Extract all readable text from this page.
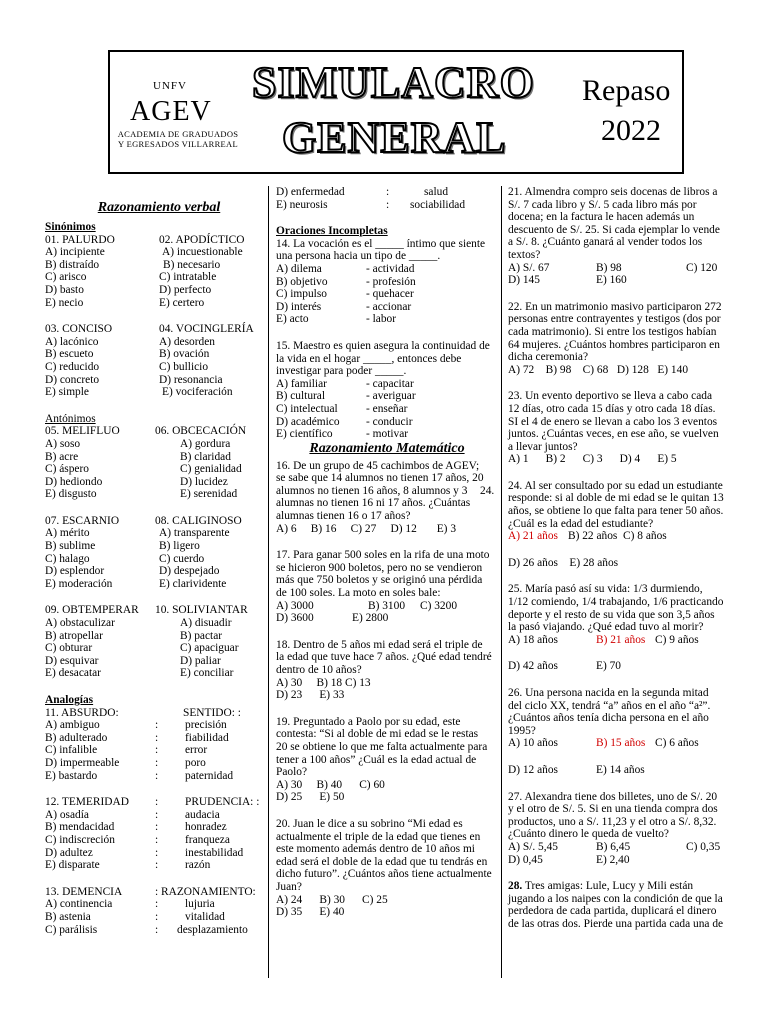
UNFV
AGEV
ACADEMIA DE GRADUADOS
Y EGRESADOS VILLARREAL
SIMULACRO
GENERAL
Repaso
2022
Razonamiento verbal
Sinónimos
01. PALURDO	02. APODÍCTICO
A) incipiente	A) incuestionable
B) distraído	B) necesario
C) arisco	C) intratable
D) basto	D) perfecto
E) necio	E) certero
03. CONCISO	04. VOCINGLERÍA
A) lacónico	A) desorden
B) escueto	B) ovación
C) reducido	C) bullicio
D) concreto	D) resonancia
E) simple	E) vociferación
Antónimos
05. MELIFLUO	06. OBCECACIÓN
A) soso	A) gordura
B) acre	B) claridad
C) áspero	C) genialidad
D) hediondo	D) lucidez
E) disgusto	E) serenidad
07. ESCARNIO	08. CALIGINOSO
A) mérito	A) transparente
B) sublime	B) ligero
C) halago	C) cuerdo
D) esplendor	D) despejado
E) moderación	E) clarividente
09. OBTEMPERAR 10. SOLIVIANTAR
A) obstaculizar	A) disuadir
B) atropellar	B) pactar
C) obturar	C) apaciguar
D) esquivar	D) paliar
E) desacatar	E) conciliar
Analogías
11. ABSURDO:	SENTIDO: :
A) ambiguo	: precisión
B) adulterado	: fiabilidad
C) infalible	: error
D) impermeable	: poro
E) bastardo	: paternidad
12. TEMERIDAD : PRUDENCIA: :
A) osadía	: audacia
B) mendacidad	: honradez
C) indiscreción	: franqueza
D) adultez	: inestabilidad
E) disparate	: razón
13. DEMENCIA	: RAZONAMIENTO:
A) continencia	: lujuria
B) astenia	: vitalidad
C) parálisis	: desplazamiento
D) enfermedad	:	salud
E) neurosis	: sociabilidad
Oraciones Incompletas
14. La vocación es el _____ íntimo que siente
una persona hacia un tipo de _____.
A) dilema	- actividad
B) objetivo	- profesión
C) impulso	- quehacer
D) interés	- accionar
E) acto	- labor
15. Maestro es quien asegura la continuidad de
la vida en el hogar _____, entonces debe
investigar para poder _____.
A) familiar	- capacitar
B) cultural	- averiguar
C) intelectual - enseñar
D) académico - conducir
E) científico	- motivar
Razonamiento Matemático
16. De un grupo de 45 cachimbos de AGEV;
se sabe que 14 alumnos no tienen 17 años, 20
alumnos no tienen 16 años, 8 alumnos y 3 24.
alumnas no tienen 16 ni 17 años. ¿Cuántas
alumnas tienen 16 o 17 años?
A) 6     B) 16     C) 27     D) 12       E) 3
17. Para ganar 500 soles en la rifa de una moto
se hicieron 900 boletos, pero no se vendieron
más que 750 boletos y se originó una pérdida
de 100 soles. La moto en soles bale:
A) 3000	B) 3100 C) 3200
D) 3600	E) 2800
18. Dentro de 5 años mi edad será el triple de
la edad que tuve hace 7 años. ¿Qué edad tendré
dentro de 10 años?
A) 30     B) 18 C) 13
D) 23      E) 33
19. Preguntado a Paolo por su edad, este
contesta: “Si al doble de mi edad se le restas
20 se obtiene lo que me falta actualmente para
tener a 100 años” ¿Cuál es la edad actual de
Paolo?
A) 30     B) 40      C) 60
D) 25      E) 50
20. Juan le dice a su sobrino “Mi edad es
actualmente el triple de la edad que tienes en
este momento además dentro de 10 años mi
edad será el doble de la edad que tu tendrás en
dicho futuro”. ¿Cuántos años tiene actualmente
Juan?
A) 24      B) 30      C) 25
D) 35      E) 40
21. Almendra compro seis docenas de libros a
S/. 7 cada libro y S/. 5 cada libro más por
docena; en la factura le hacen además un
descuento de S/. 25. Si cada ejemplar lo vende
a S/. 8. ¿Cuánto ganará al vender todos los
textos?
A) S/. 67	B) 98	C) 120
D) 145	E) 160
22. En un matrimonio masivo participaron 272
personas entre contrayentes y testigos (dos por
cada matrimonio). Si entre los testigos habían
64 mujeres. ¿Cuántos hombres participaron en
dicha ceremonia?
A) 72    B) 98    C) 68   D) 128   E) 140
23. Un evento deportivo se lleva a cabo cada
12 días, otro cada 15 días y otro cada 18 días.
SI el 4 de enero se llevan a cabo los 3 eventos
juntos. ¿Cuántas veces, en ese año, se vuelven
a llevar juntos?
A) 1      B) 2      C) 3      D) 4      E) 5
24. Al ser consultado por su edad un estudiante
responde: si al doble de mi edad se le quitan 13
años, se obtiene lo que falta para tener 50 años.
¿Cuál es la edad del estudiante?
A) 21 años B) 22 años  C) 8 años
D) 26 años    E) 28 años
25. María pasó así su vida: 1/3 durmiendo,
1/12 comiendo, 1/4 trabajando, 1/6 practicando
deporte y el resto de su vida que son 3,5 años
la pasó viajando. ¿Qué edad tuvo al morir?
A) 18 años	B) 21 años C) 9 años
D) 42 años	E) 70
26. Una persona nacida en la segunda mitad
del ciclo XX, tendrá “a” años en el año “a²”.
¿Cuántos años tenía dicha persona en el año
1995?
A) 10 años	B) 15 años C) 6 años
D) 12 años	E) 14 años
27. Alexandra tiene dos billetes, uno de S/. 20
y el otro de S/. 5. Si en una tienda compra dos
productos, uno a S/. 11,23 y el otro a S/. 8,32.
¿Cuánto dinero le queda de vuelto?
A) S/. 5,45	B) 6,45	C) 0,35
D) 0,45	E) 2,40
28. Tres amigas: Lule, Lucy y Mili están
jugando a los naipes con la condición de que la
perdedora de cada partida, duplicará el dinero
de las otras dos. Pierde una partida cada una de
